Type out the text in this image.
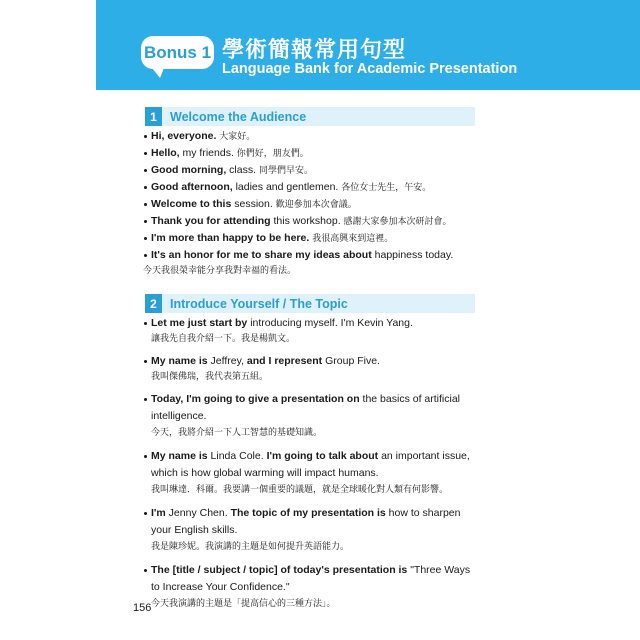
Bonus 1 學術簡報常用句型
Language Bank for Academic Presentation
1	Welcome the Audience
Hi, everyone. 大家好。
Hello, my friends. 你們好，朋友們。
Good morning, class. 同學們早安。
Good afternoon, ladies and gentlemen. 各位女士先生，午安。
Welcome to this session. 歡迎參加本次會議。
Thank you for attending this workshop. 感謝大家參加本次研討會。
I'm more than happy to be here. 我很高興來到這裡。
It's an honor for me to share my ideas about happiness today.
今天我很榮幸能分享我對幸福的看法。
2	Introduce Yourself / The Topic
Let me just start by introducing myself. I'm Kevin Yang.
讓我先自我介紹一下。我是楊凱文。
My name is Jeffrey, and I represent Group Five.
我叫傑佛瑞，我代表第五組。
Today, I'm going to give a presentation on the basics of artificial intelligence.
今天，我將介紹一下人工智慧的基礎知識。
My name is Linda Cole. I'm going to talk about an important issue, which is how global warming will impact humans.
我叫琳達．科爾。我要講一個重要的議題，就是全球暖化對人類有何影響。
I'm Jenny Chen. The topic of my presentation is how to sharpen your English skills.
我是陳珍妮。我演講的主題是如何提升英語能力。
The [title / subject / topic] of today's presentation is "Three Ways to Increase Your Confidence."
今天我演講的主題是「提高信心的三種方法」。
156
